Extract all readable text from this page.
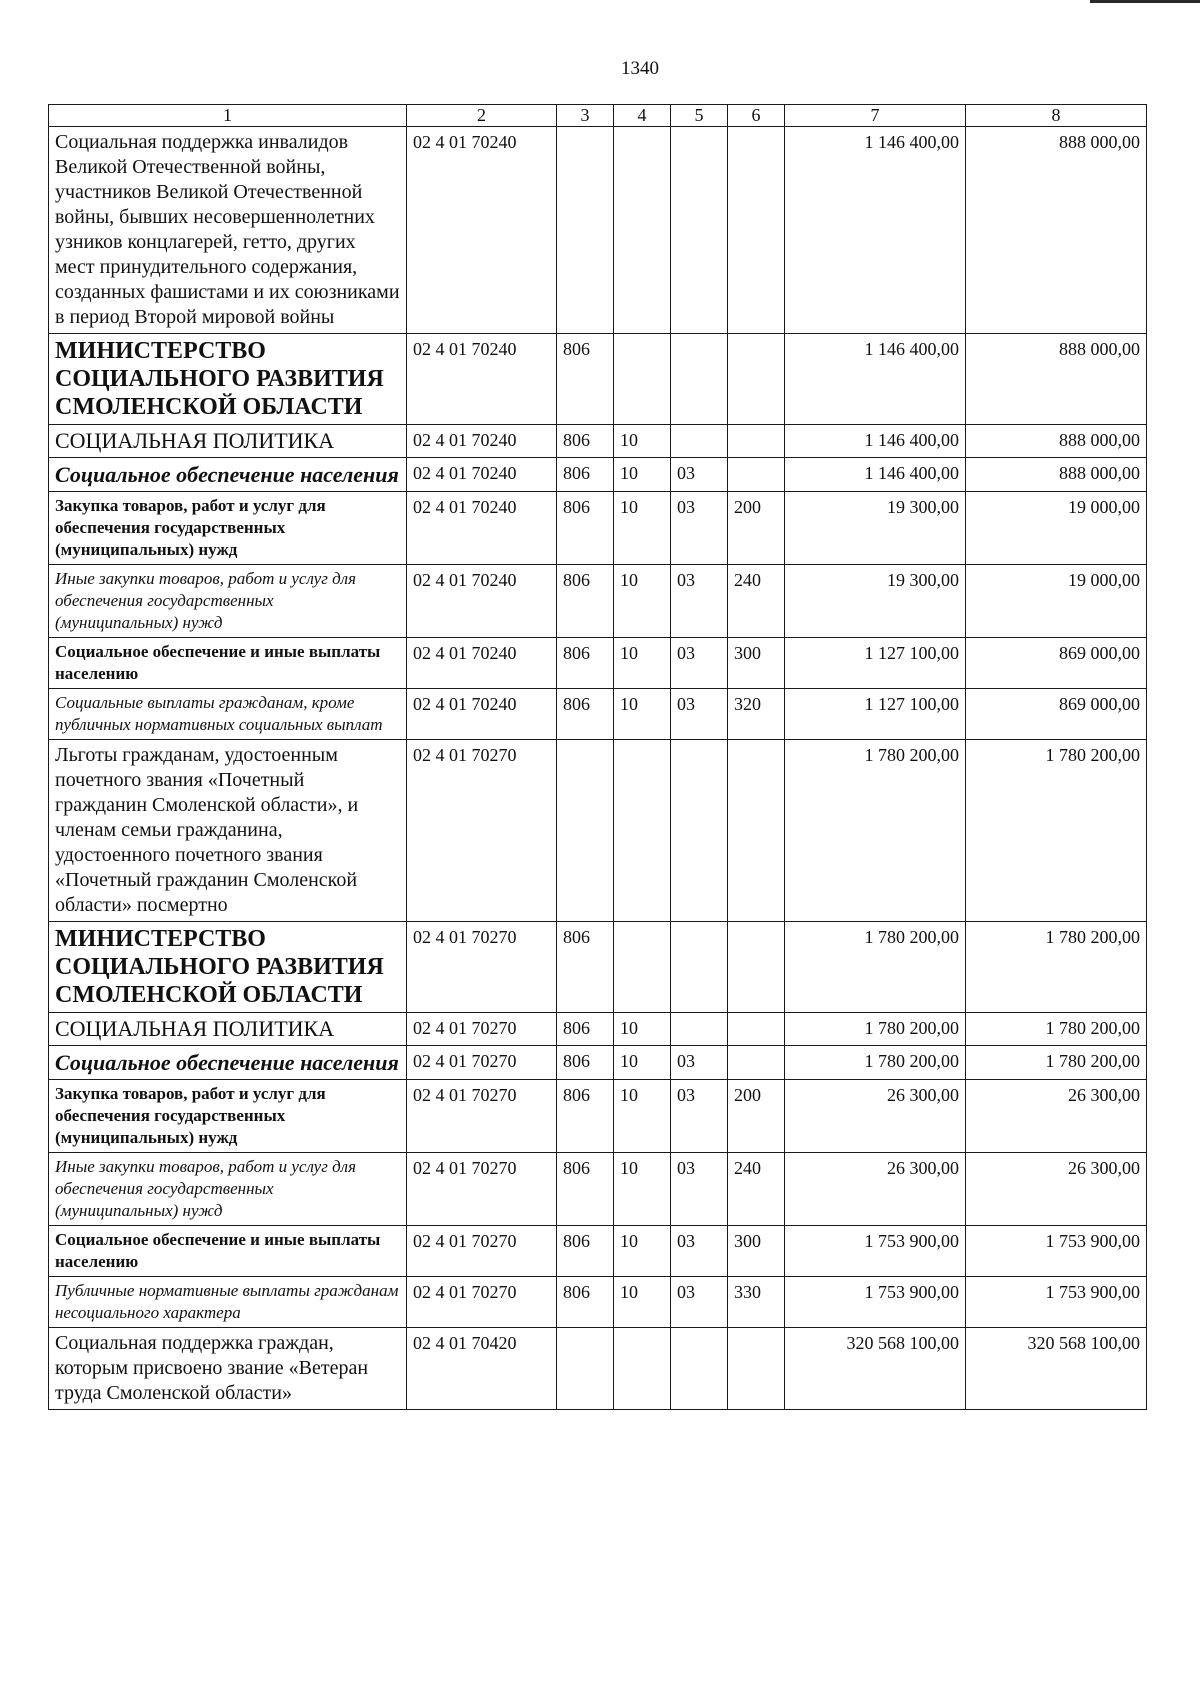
1340
1	2	3	4	5	6	7	8
Социальная поддержка инвалидов Великой Отечественной войны, участников Великой Отечественной войны, бывших несовершеннолетних узников концлагерей, гетто, других мест принудительного содержания, созданных фашистами и их союзниками в период Второй мировой войны	02 4 01 70240					1 146 400,00	888 000,00
МИНИСТЕРСТВО СОЦИАЛЬНОГО РАЗВИТИЯ СМОЛЕНСКОЙ ОБЛАСТИ	02 4 01 70240	806				1 146 400,00	888 000,00
СОЦИАЛЬНАЯ ПОЛИТИКА	02 4 01 70240	806	10			1 146 400,00	888 000,00
Социальное обеспечение населения	02 4 01 70240	806	10	03		1 146 400,00	888 000,00
Закупка товаров, работ и услуг для обеспечения государственных (муниципальных) нужд	02 4 01 70240	806	10	03	200	19 300,00	19 000,00
Иные закупки товаров, работ и услуг для обеспечения государственных (муниципальных) нужд	02 4 01 70240	806	10	03	240	19 300,00	19 000,00
Социальное обеспечение и иные выплаты населению	02 4 01 70240	806	10	03	300	1 127 100,00	869 000,00
Социальные выплаты гражданам, кроме публичных нормативных социальных выплат	02 4 01 70240	806	10	03	320	1 127 100,00	869 000,00
Льготы гражданам, удостоенным почетного звания «Почетный гражданин Смоленской области», и членам семьи гражданина, удостоенного почетного звания «Почетный гражданин Смоленской области» посмертно	02 4 01 70270					1 780 200,00	1 780 200,00
МИНИСТЕРСТВО СОЦИАЛЬНОГО РАЗВИТИЯ СМОЛЕНСКОЙ ОБЛАСТИ	02 4 01 70270	806				1 780 200,00	1 780 200,00
СОЦИАЛЬНАЯ ПОЛИТИКА	02 4 01 70270	806	10			1 780 200,00	1 780 200,00
Социальное обеспечение населения	02 4 01 70270	806	10	03		1 780 200,00	1 780 200,00
Закупка товаров, работ и услуг для обеспечения государственных (муниципальных) нужд	02 4 01 70270	806	10	03	200	26 300,00	26 300,00
Иные закупки товаров, работ и услуг для обеспечения государственных (муниципальных) нужд	02 4 01 70270	806	10	03	240	26 300,00	26 300,00
Социальное обеспечение и иные выплаты населению	02 4 01 70270	806	10	03	300	1 753 900,00	1 753 900,00
Публичные нормативные выплаты гражданам несоциального характера	02 4 01 70270	806	10	03	330	1 753 900,00	1 753 900,00
Социальная поддержка граждан, которым присвоено звание «Ветеран труда Смоленской области»	02 4 01 70420					320 568 100,00	320 568 100,00
